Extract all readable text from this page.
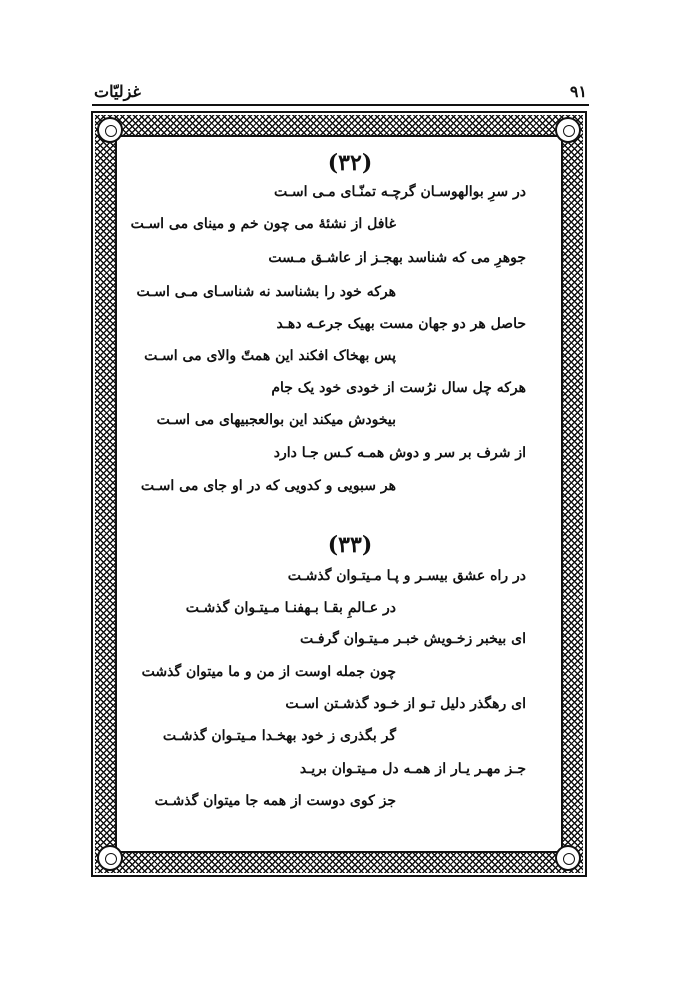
غزلیّات	۹۱
(۳۲)
در سرِ بوالهوسـان گرچـه تمنّـای مـی اسـت
غافل از نشئۀ می چون خم و مینای می اسـت
جوهرِ می که شناسد بهجـز از عاشـق مـست
هرکه خود را بشناسد نه شناسـای مـی اسـت
حاصل هر دو جهان مست بهیک جرعـه دهـد
پس بهخاک افکند این همتّ والای می اسـت
هرکه چل سال نرُست از خودی خود یک جام
بیخودش میکند این بوالعجبیهای می اسـت
از شرف بر سر و دوش همـه کـس جـا دارد
هر سبویی و کدویی که در او جای می اسـت
(۳۳)
در راه عشق بیسـر و پـا مـیتـوان گذشـت
در عـالمِ بقـا بـهفنـا مـیتـوان گذشـت
ای بیخبر زخـویش خبـر مـیتـوان گرفـت
چون جمله اوست از من و ما میتوان گذشت
ای رهگذر دلیل تـو از خـود گذشـتن اسـت
گر بگذری ز خود بهخـدا مـیتـوان گذشـت
جـز مهـر یـار از همـه دل مـیتـوان بریـد
جز کوی دوست از همه جا میتوان گذشـت
